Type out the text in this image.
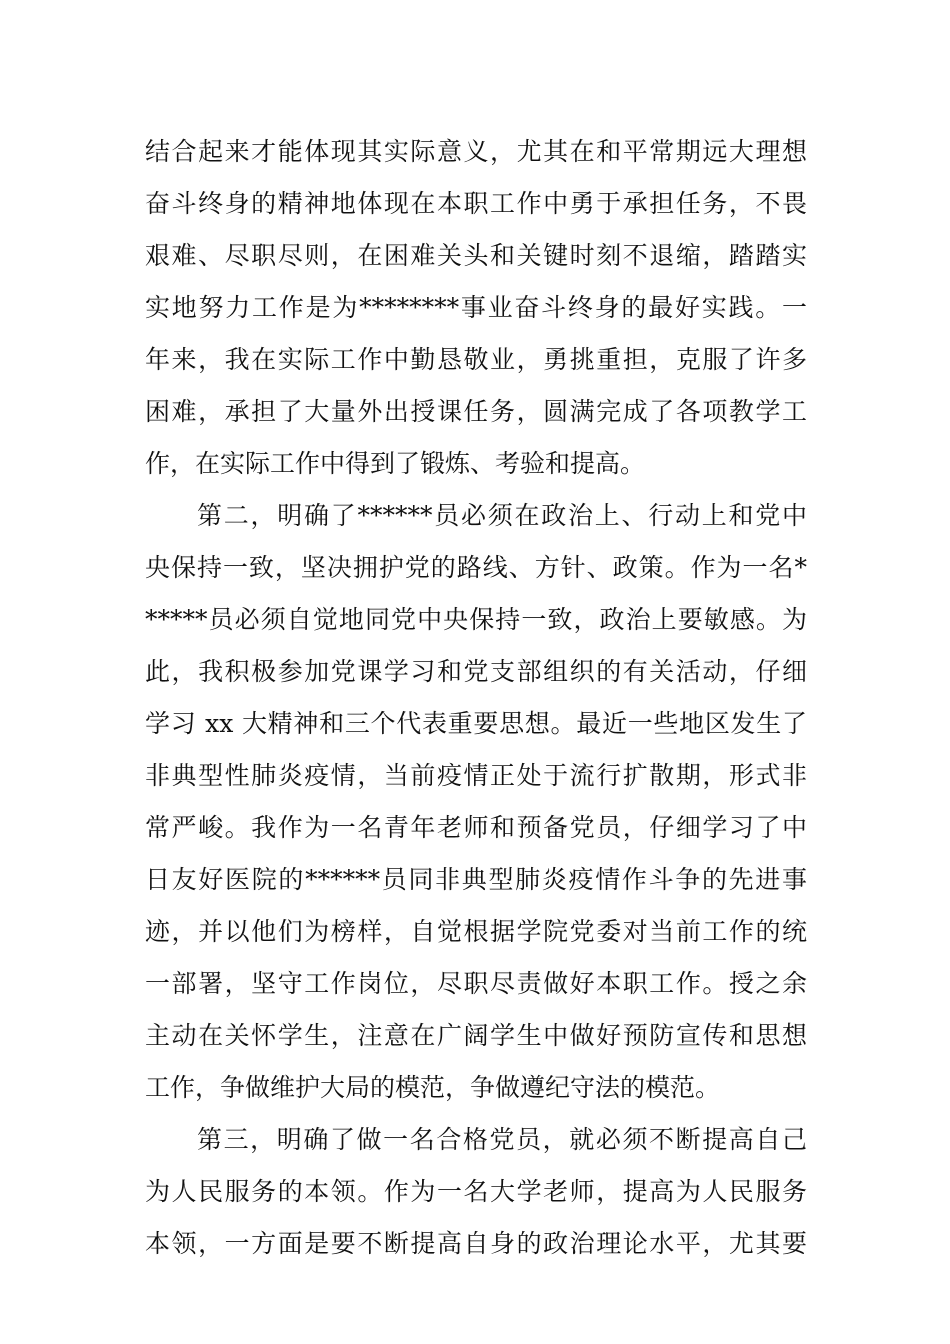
结合起来才能体现其实际意义，尤其在和平常期远大理想
奋斗终身的精神地体现在本职工作中勇于承担任务，不畏
艰难、尽职尽则，在困难关头和关键时刻不退缩，踏踏实
实地努力工作是为********事业奋斗终身的最好实践。一
年来，我在实际工作中勤恳敬业，勇挑重担，克服了许多
困难，承担了大量外出授课任务，圆满完成了各项教学工
作，在实际工作中得到了锻炼、考验和提高。
第二，明确了******员必须在政治上、行动上和党中
央保持一致，坚决拥护党的路线、方针、政策。作为一名*
*****员必须自觉地同党中央保持一致，政治上要敏感。为
此，我积极参加党课学习和党支部组织的有关活动，仔细
学习 xx 大精神和三个代表重要思想。最近一些地区发生了
非典型性肺炎疫情，当前疫情正处于流行扩散期，形式非
常严峻。我作为一名青年老师和预备党员，仔细学习了中
日友好医院的******员同非典型肺炎疫情作斗争的先进事
迹，并以他们为榜样，自觉根据学院党委对当前工作的统
一部署，坚守工作岗位，尽职尽责做好本职工作。授之余
主动在关怀学生，注意在广阔学生中做好预防宣传和思想
工作，争做维护大局的模范，争做遵纪守法的模范。
第三，明确了做一名合格党员，就必须不断提高自己
为人民服务的本领。作为一名大学老师，提高为人民服务
本领，一方面是要不断提高自身的政治理论水平，尤其要
